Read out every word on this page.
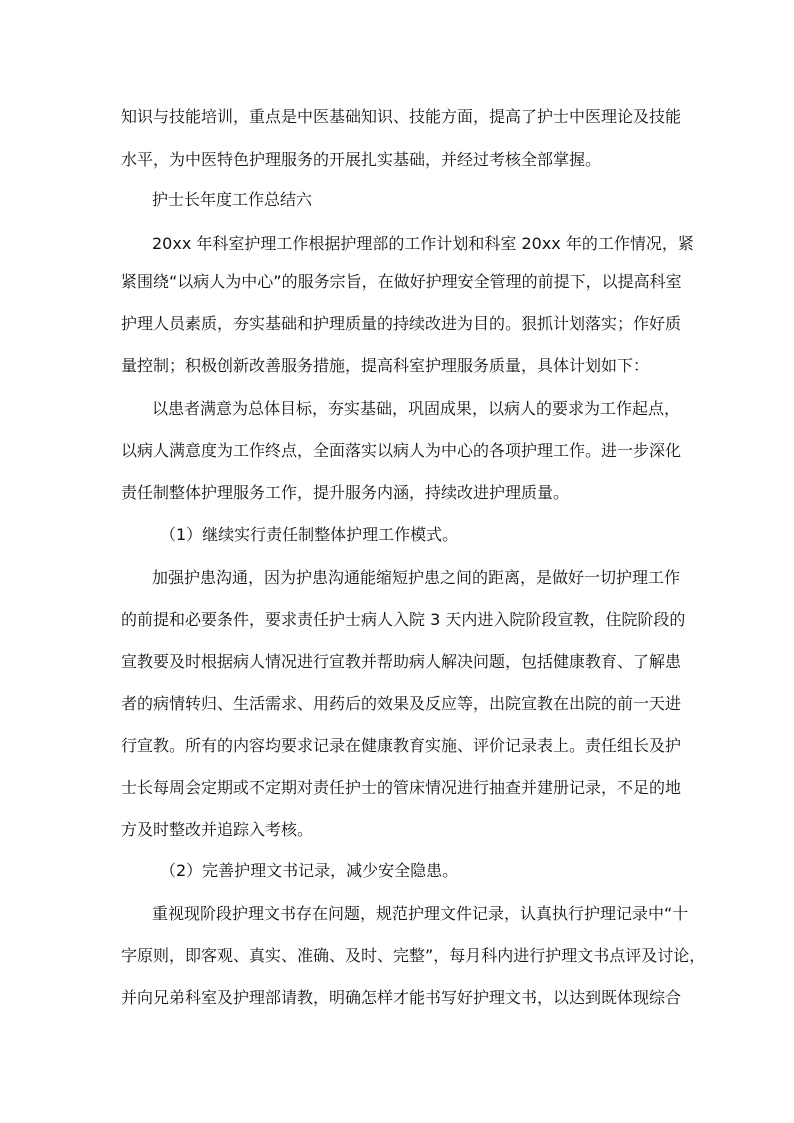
知识与技能培训，重点是中医基础知识、技能方面，提高了护士中医理论及技能

水平，为中医特色护理服务的开展扎实基础，并经过考核全部掌握。

护士长年度工作总结六

20xx 年科室护理工作根据护理部的工作计划和科室 20xx 年的工作情况，紧

紧围绕“以病人为中心”的服务宗旨，在做好护理安全管理的前提下，以提高科室

护理人员素质，夯实基础和护理质量的持续改进为目的。狠抓计划落实；作好质

量控制；积极创新改善服务措施，提高科室护理服务质量，具体计划如下：

以患者满意为总体目标，夯实基础，巩固成果，以病人的要求为工作起点，

以病人满意度为工作终点，全面落实以病人为中心的各项护理工作。进一步深化

责任制整体护理服务工作，提升服务内涵，持续改进护理质量。

（1）继续实行责任制整体护理工作模式。

加强护患沟通，因为护患沟通能缩短护患之间的距离，是做好一切护理工作

的前提和必要条件，要求责任护士病人入院 3 天内进入院阶段宣教，住院阶段的

宣教要及时根据病人情况进行宣教并帮助病人解决问题，包括健康教育、了解患

者的病情转归、生活需求、用药后的效果及反应等，出院宣教在出院的前一天进

行宣教。所有的内容均要求记录在健康教育实施、评价记录表上。责任组长及护

士长每周会定期或不定期对责任护士的管床情况进行抽查并建册记录，不足的地

方及时整改并追踪入考核。

（2）完善护理文书记录，减少安全隐患。

重视现阶段护理文书存在问题，规范护理文件记录，认真执行护理记录中“十

字原则，即客观、真实、准确、及时、完整”，每月科内进行护理文书点评及讨论，

并向兄弟科室及护理部请教，明确怎样才能书写好护理文书，以达到既体现综合
